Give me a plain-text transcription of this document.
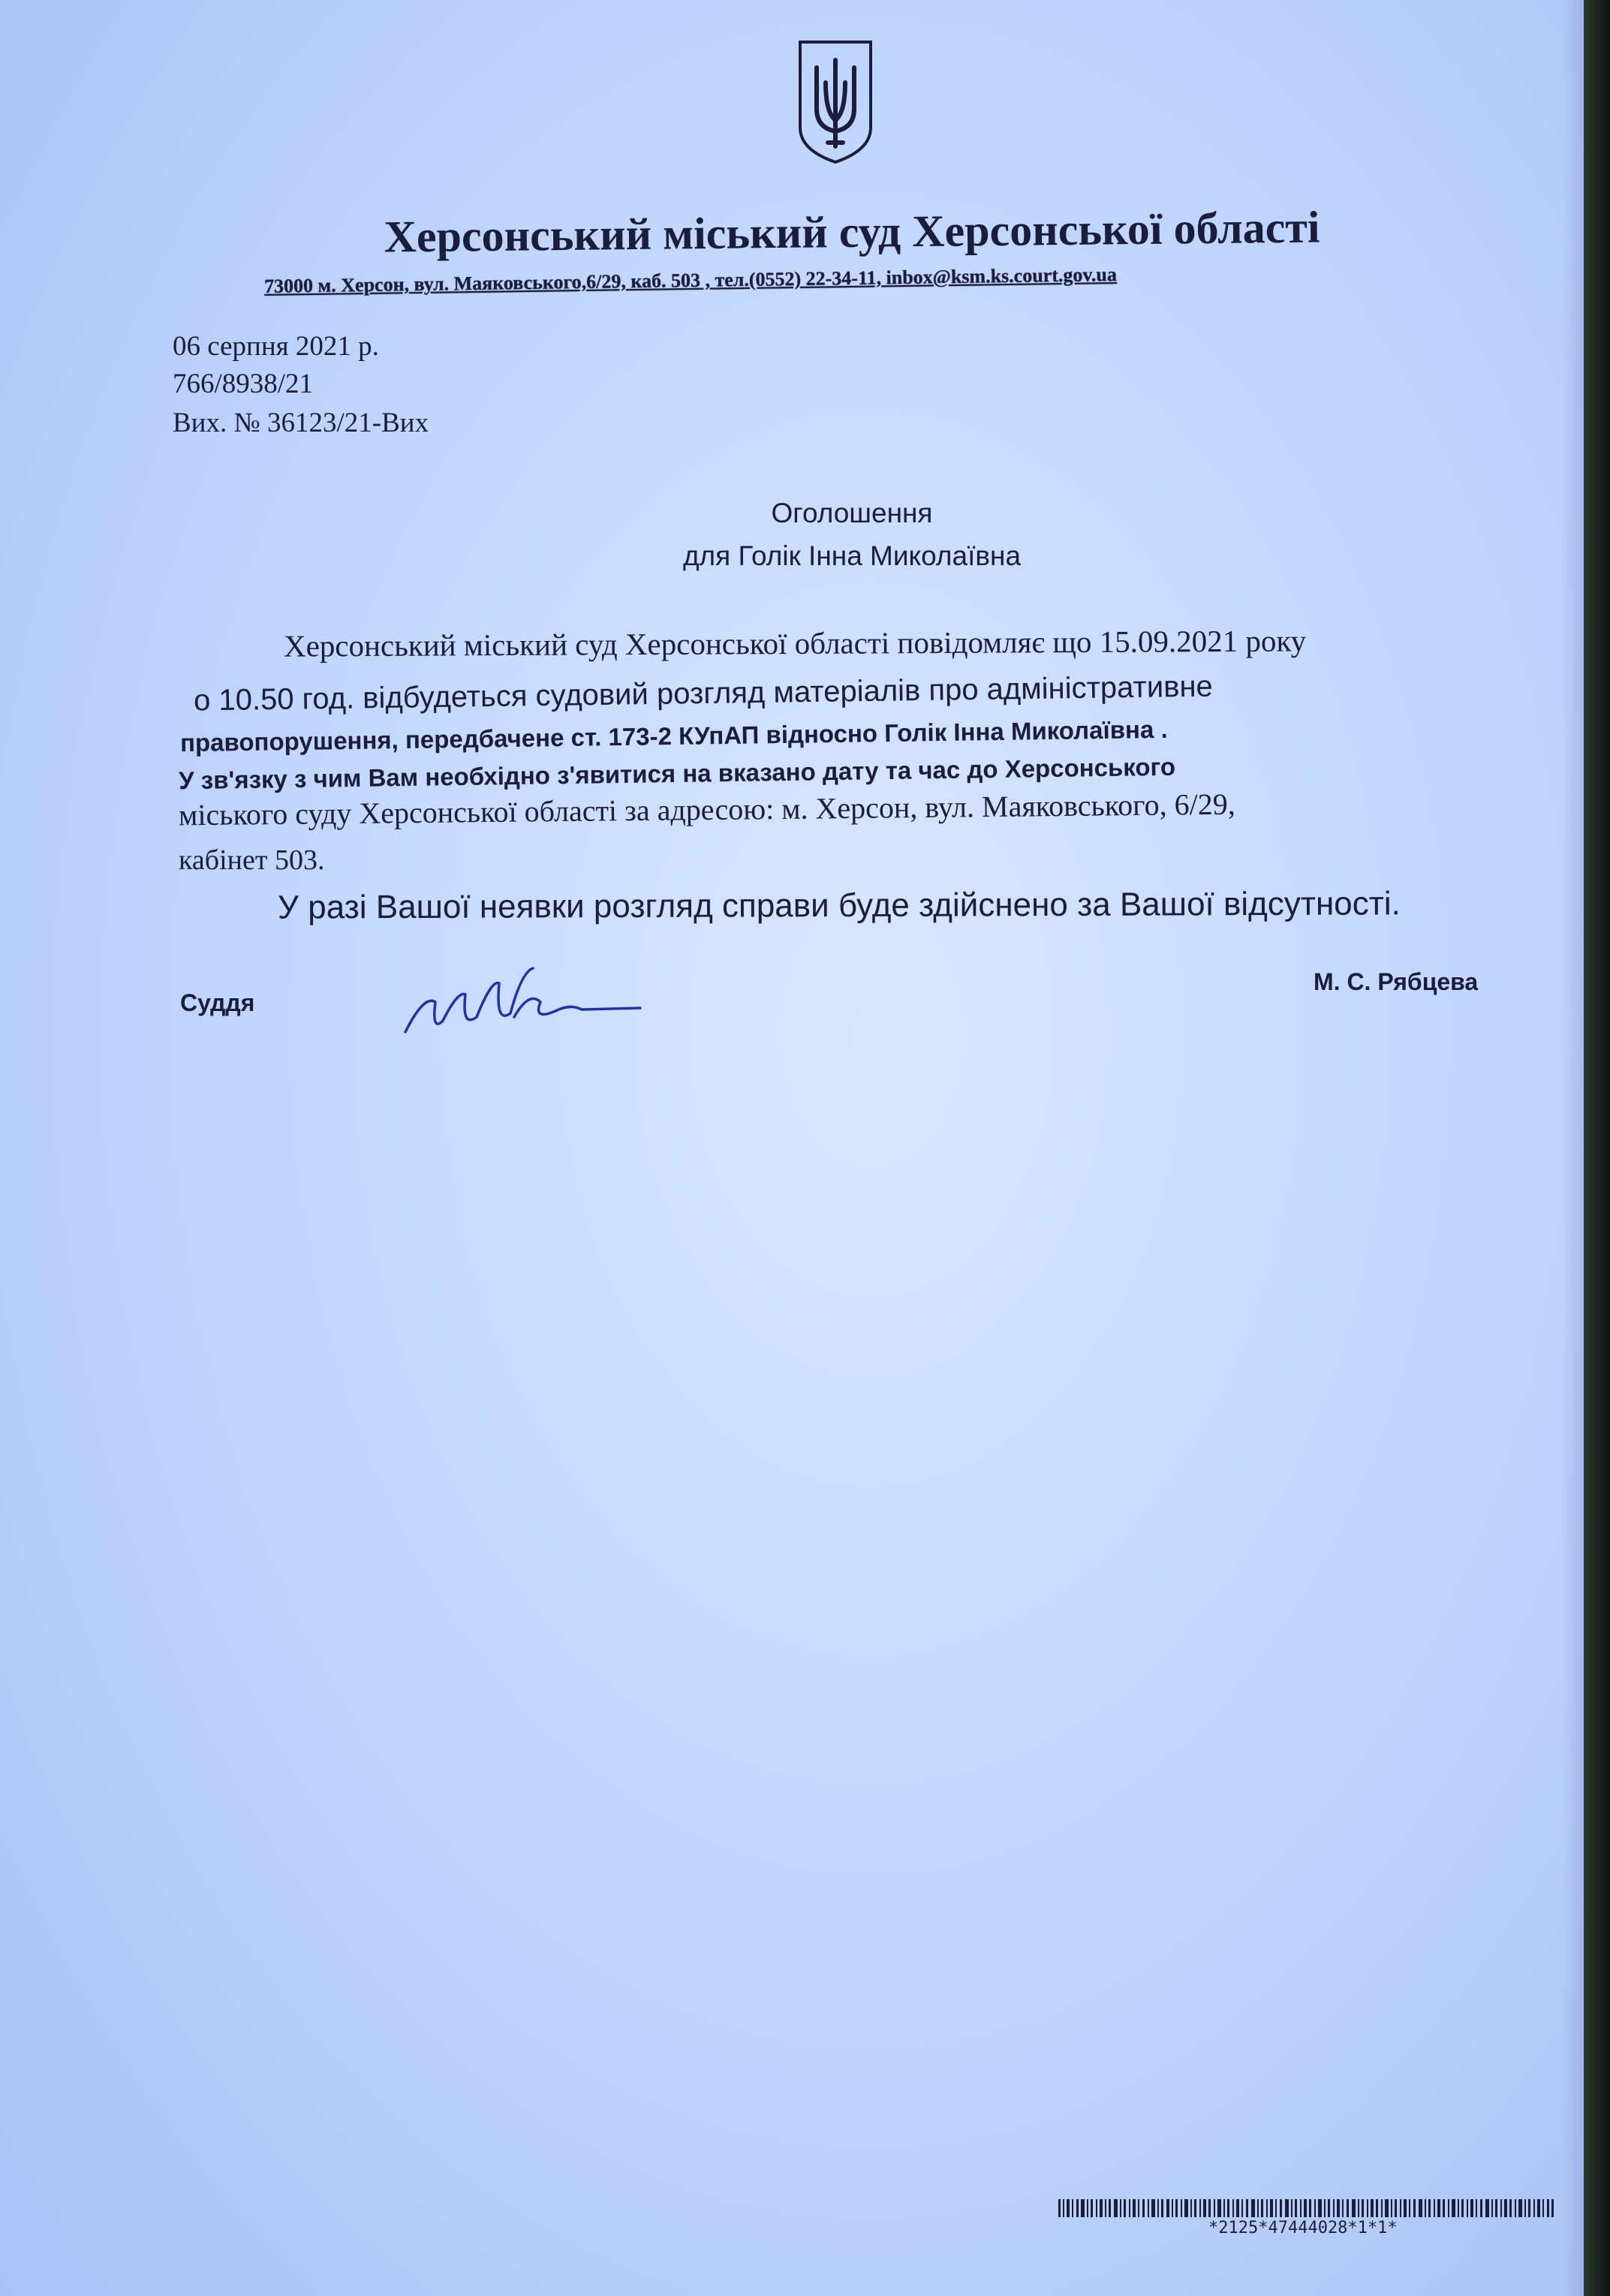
Херсонський міський суд Херсонської області
73000 м. Херсон, вул. Маяковського,6/29, каб. 503 , тел.(0552) 22-34-11, inbox@ksm.ks.court.gov.ua
06 серпня 2021 р.
766/8938/21
Вих. № 36123/21-Вих
Оголошення
для Голік Інна Миколаївна
Херсонський міський суд Херсонської області повідомляє що 15.09.2021 року
о 10.50 год. відбудеться судовий розгляд матеріалів про адміністративне
правопорушення, передбачене ст. 173-2 КУпАП відносно Голік Інна Миколаївна .
У зв'язку з чим Вам необхідно з'явитися на вказано дату та час до Херсонського
міського суду Херсонської області за адресою: м. Херсон, вул. Маяковського, 6/29,
кабінет 503.
У разі Вашої неявки розгляд справи буде здійснено за Вашої відсутності.
Суддя
М. С. Рябцева
*2125*47444028*1*1*
